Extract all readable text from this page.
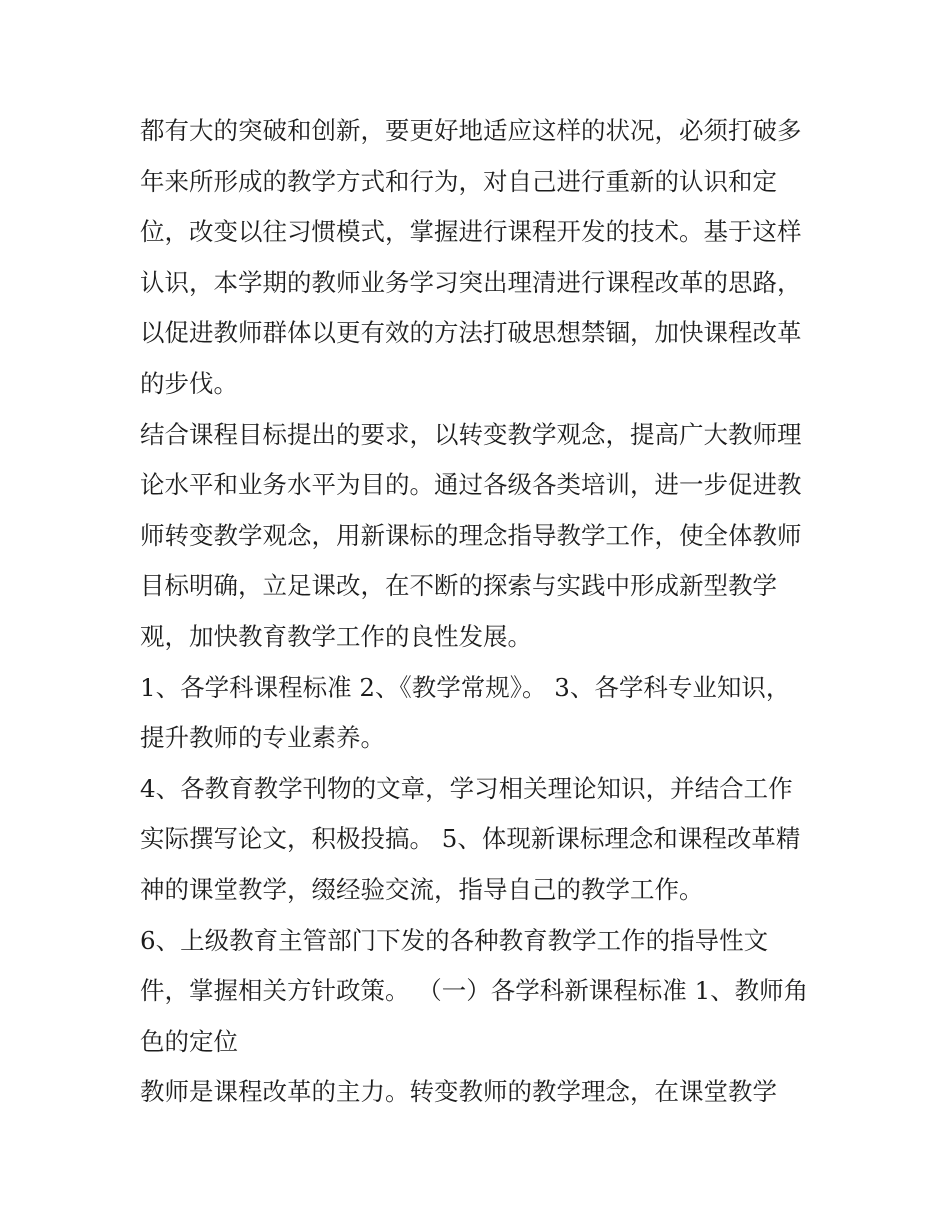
都有大的突破和创新，要更好地适应这样的状况，必须打破多
年来所形成的教学方式和行为，对自己进行重新的认识和定
位，改变以往习惯模式，掌握进行课程开发的技术。基于这样
认识，本学期的教师业务学习突出理清进行课程改革的思路，
以促进教师群体以更有效的方法打破思想禁锢，加快课程改革
的步伐。
结合课程目标提出的要求，以转变教学观念，提高广大教师理
论水平和业务水平为目的。通过各级各类培训，进一步促进教
师转变教学观念，用新课标的理念指导教学工作，使全体教师
目标明确，立足课改，在不断的探索与实践中形成新型教学
观，加快教育教学工作的良性发展。
1、各学科课程标准 2、《教学常规》。 3、各学科专业知识，
提升教师的专业素养。
4、各教育教学刊物的文章，学习相关理论知识，并结合工作
实际撰写论文，积极投搞。 5、体现新课标理念和课程改革精
神的课堂教学，缀经验交流，指导自己的教学工作。
6、上级教育主管部门下发的各种教育教学工作的指导性文
件，掌握相关方针政策。 （一）各学科新课程标准 1、教师角
色的定位
教师是课程改革的主力。转变教师的教学理念，在课堂教学
